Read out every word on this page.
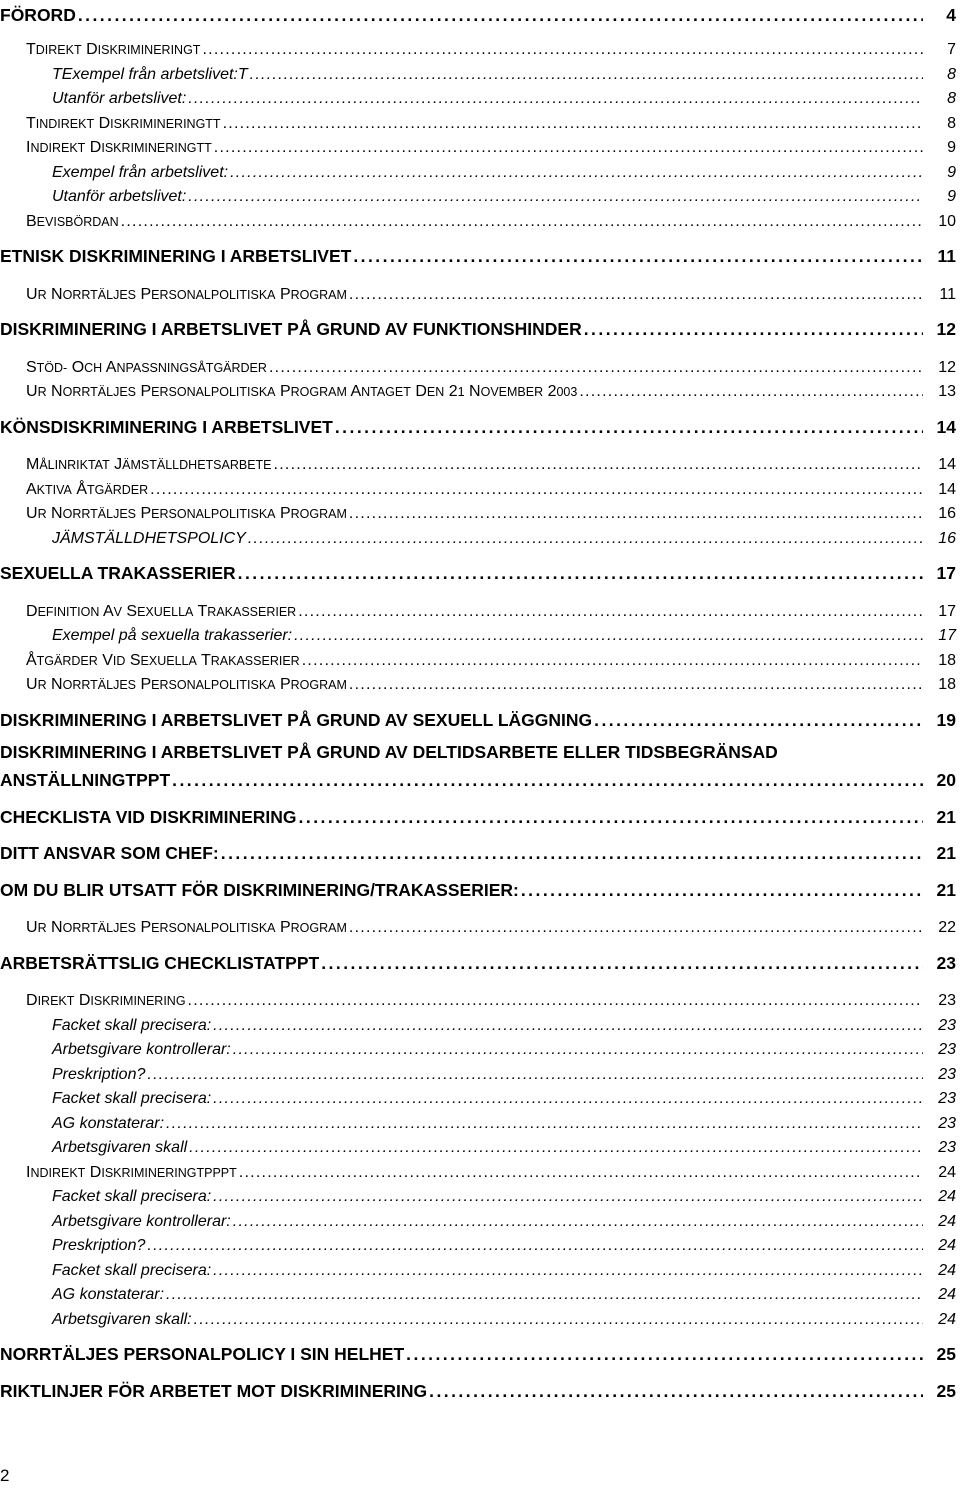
FÖRORD . . .	4
TDIREKT DISKRIMINERINGT . . .	7
TExempel från arbetslivet:T . . .	8
Utanför arbetslivet: . . .	8
TINDIREKT DISKRIMINERINGTT . . .	8
INDIREKT DISKRIMINERINGTT . . .	9
Exempel från arbetslivet: . . .	9
Utanför arbetslivet: . . .	9
BEVISBÖRDAN . . .	10
ETNISK DISKRIMINERING I ARBETSLIVET . . .	11
UR NORRTÄLJES PERSONALPOLITISKA PROGRAM . . .	11
DISKRIMINERING I ARBETSLIVET PÅ GRUND AV FUNKTIONSHINDER . . .	12
STÖD- OCH ANPASSNINGSÅTGÄRDER . . .	12
UR NORRTÄLJES PERSONALPOLITISKA PROGRAM ANTAGET DEN 21 NOVEMBER 2003 . . .	13
KÖNSDISKRIMINERING I ARBETSLIVET . . .	14
MÅLINRIKTAT JÄMSTÄLLDHETSARBETE . . .	14
AKTIVA ÅTGÄRDER . . .	14
UR NORRTÄLJES PERSONALPOLITISKA PROGRAM . . .	16
JÄMSTÄLLDHETSPOLICY . . .	16
SEXUELLA TRAKASSERIER . . .	17
DEFINITION AV SEXUELLA TRAKASSERIER . . .	17
Exempel på sexuella trakasserier: . . .	17
ÅTGÄRDER VID SEXUELLA TRAKASSERIER . . .	18
UR NORRTÄLJES PERSONALPOLITISKA PROGRAM . . .	18
DISKRIMINERING I ARBETSLIVET PÅ GRUND AV SEXUELL LÄGGNING . . .	19
DISKRIMINERING I ARBETSLIVET PÅ GRUND AV DELTIDSARBETE ELLER TIDSBEGRÄNSAD
ANSTÄLLNINGTPPT . . .	20
CHECKLISTA VID DISKRIMINERING . . .	21
DITT ANSVAR SOM CHEF: . . .	21
OM DU BLIR UTSATT FÖR DISKRIMINERING/TRAKASSERIER: . . .	21
UR NORRTÄLJES PERSONALPOLITISKA PROGRAM . . .	22
ARBETSRÄTTSLIG CHECKLISTATPPT . . .	23
DIREKT DISKRIMINERING . . .	23
Facket skall precisera: . . .	23
Arbetsgivare kontrollerar: . . .	23
Preskription? . . .	23
Facket skall precisera: . . .	23
AG konstaterar: . . .	23
Arbetsgivaren skall . . .	23
INDIREKT DISKRIMINERINGTPPPT . . .	24
Facket skall precisera: . . .	24
Arbetsgivare kontrollerar: . . .	24
Preskription? . . .	24
Facket skall precisera: . . .	24
AG konstaterar: . . .	24
Arbetsgivaren skall: . . .	24
NORRTÄLJES PERSONALPOLICY I SIN HELHET . . .	25
RIKTLINJER FÖR ARBETET MOT DISKRIMINERING . . .	25
2
